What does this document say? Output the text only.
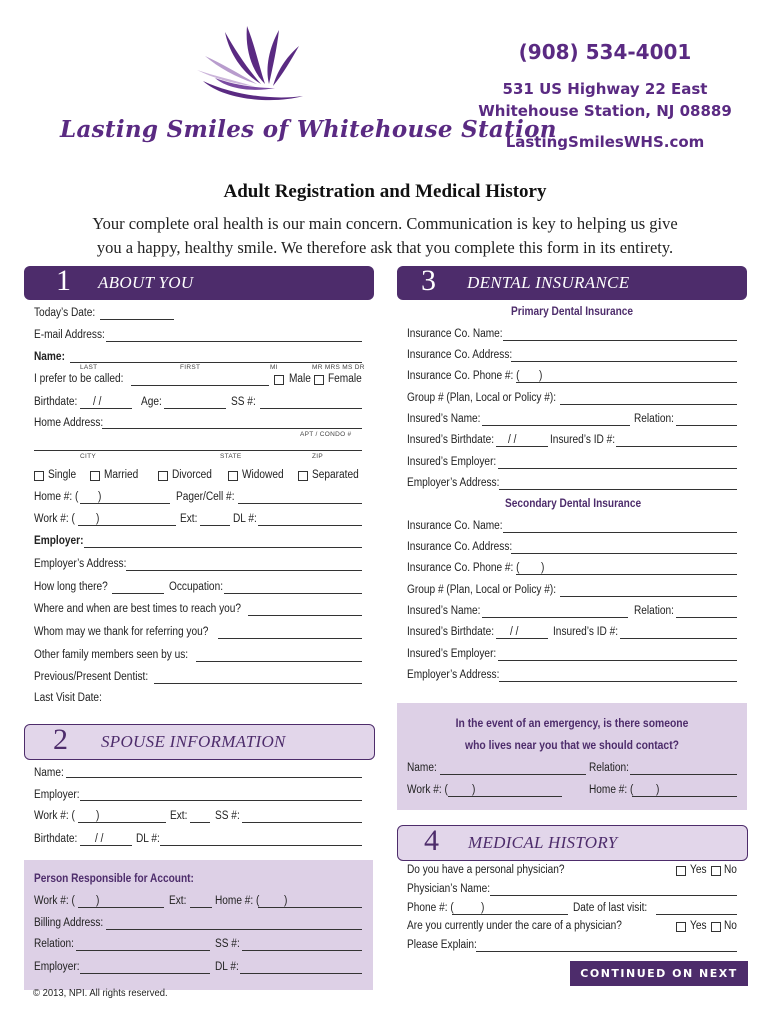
Lasting Smiles of Whitehouse Station
(908) 534-4001
531 US Highway 22 East
Whitehouse Station, NJ 08889
LastingSmilesWHS.com
Adult Registration and Medical History
Your complete oral health is our main concern. Communication is key to helping us give
you a happy, healthy smile. We therefore ask that you complete this form in its entirety.
1 ABOUT YOU
Today’s Date:
E-mail Address:
Name:
LAST	FIRST	MI	MR MRS MS DR
I prefer to be called:	Male Female
Birthdate: / /	Age:	SS #:
Home Address:
APT / CONDO #
CITY	STATE	ZIP
Single Married	Divorced	Widowed Separated
Home #: ( )	Pager/Cell #:
Work #: ( )	Ext:	DL #:
Employer:
Employer’s Address:
How long there?	Occupation:
Where and when are best times to reach you?
Whom may we thank for referring you?
Other family members seen by us:
Previous/Present Dentist:
Last Visit Date:
2 SPOUSE INFORMATION
Name:
Employer:
Work #: ( )	Ext: SS #:
Birthdate: / /	DL #:
Person Responsible for Account:
Work #: ( )	Ext: Home #: ( )
Billing Address:
Relation:	SS #:
Employer:	DL #:
© 2013, NPI. All rights reserved.
3 DENTAL INSURANCE
Primary Dental Insurance
Insurance Co. Name:
Insurance Co. Address:
Insurance Co. Phone #: ( )
Group # (Plan, Local or Policy #):
Insured’s Name:	Relation:
Insured’s Birthdate: / /	Insured’s ID #:
Insured’s Employer:
Employer’s Address:
Secondary Dental Insurance
Insurance Co. Name:
Insurance Co. Address:
Insurance Co. Phone #: ( )
Group # (Plan, Local or Policy #):
Insured’s Name:	Relation:
Insured’s Birthdate: / /	Insured’s ID #:
Insured’s Employer:
Employer’s Address:
In the event of an emergency, is there someone
who lives near you that we should contact?
Name:	Relation:
Work #: ( )	Home #: ( )
4 MEDICAL HISTORY
Do you have a personal physician?	Yes No
Physician’s Name:
Phone #: ( )	Date of last visit:
Are you currently under the care of a physician?	Yes No
Please Explain:
CONTINUED ON NEXT PAGE
